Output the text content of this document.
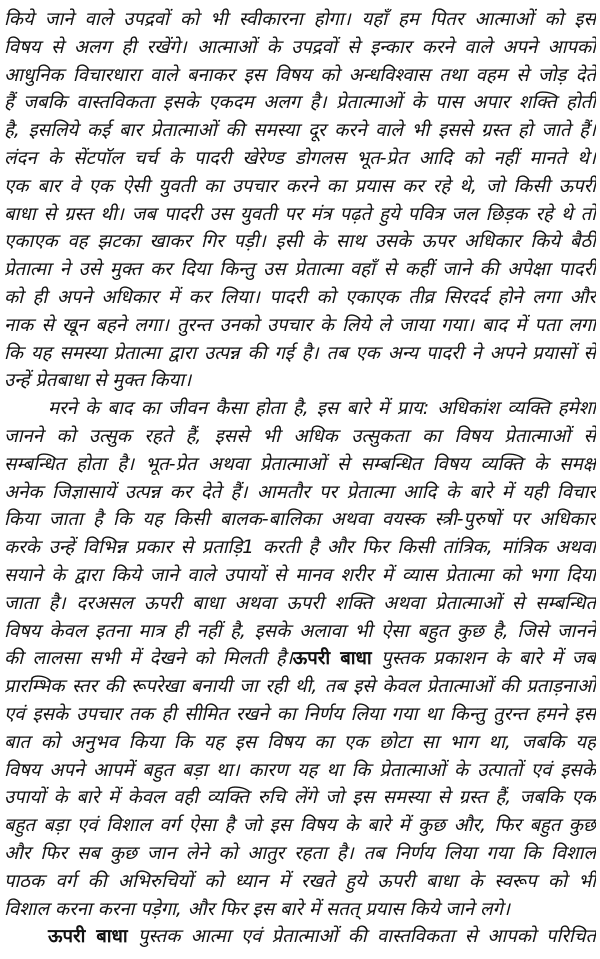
किये जाने वाले उपद्रवों को भी स्वीकारना होगा। यहाँ हम पितर आत्माओं को इस
विषय से अलग ही रखेंगे। आत्माओं के उपद्रवों से इन्कार करने वाले अपने आपको
आधुनिक विचारधारा वाले बनाकर इस विषय को अन्धविश्वास तथा वहम से जोड़ देते
हैं जबकि वास्तविकता इसके एकदम अलग है। प्रेतात्माओं के पास अपार शक्ति होती
है, इसलिये कई बार प्रेतात्माओं की समस्या दूर करने वाले भी इससे ग्रस्त हो जाते हैं।
लंदन के सेंटपॉल चर्च के पादरी खेरेण्ड डोगलस भूत-प्रेत आदि को नहीं मानते थे।
एक बार वे एक ऐसी युवती का उपचार करने का प्रयास कर रहे थे, जो किसी ऊपरी
बाधा से ग्रस्त थी। जब पादरी उस युवती पर मंत्र पढ़ते हुये पवित्र जल छिड़क रहे थे तो
एकाएक वह झटका खाकर गिर पड़ी। इसी के साथ उसके ऊपर अधिकार किये बैठी
प्रेतात्मा ने उसे मुक्त कर दिया किन्तु उस प्रेतात्मा वहाँ से कहीं जाने की अपेक्षा पादरी
को ही अपने अधिकार में कर लिया। पादरी को एकाएक तीव्र सिरदर्द होने लगा और
नाक से खून बहने लगा। तुरन्त उनको उपचार के लिये ले जाया गया। बाद में पता लगा
कि यह समस्या प्रेतात्मा द्वारा उत्पन्न की गई है। तब एक अन्य पादरी ने अपने प्रयासों से
उन्हें प्रेतबाधा से मुक्त किया।
मरने के बाद का जीवन कैसा होता है, इस बारे में प्राय: अधिकांश व्यक्ति हमेशा
जानने को उत्सुक रहते हैं, इससे भी अधिक उत्सुकता का विषय प्रेतात्माओं से
सम्बन्धित होता है। भूत-प्रेत अथवा प्रेतात्माओं से सम्बन्धित विषय व्यक्ति के समक्ष
अनेक जिज्ञासायें उत्पन्न कर देते हैं। आमतौर पर प्रेतात्मा आदि के बारे में यही विचार
किया जाता है कि यह किसी बालक-बालिका अथवा वयस्क स्त्री-पुरुषों पर अधिकार
करके उन्हें विभिन्न प्रकार से प्रताड़ि1 करती है और फिर किसी तांत्रिक, मांत्रिक अथवा
सयाने के द्वारा किये जाने वाले उपायों से मानव शरीर में व्यास प्रेतात्मा को भगा दिया
जाता है। दरअसल ऊपरी बाधा अथवा ऊपरी शक्ति अथवा प्रेतात्माओं से सम्बन्धित
विषय केवल इतना मात्र ही नहीं है, इसके अलावा भी ऐसा बहुत कुछ है, जिसे जानने
की लालसा सभी में देखने को मिलती है।ऊपरी बाधा पुस्तक प्रकाशन के बारे में जब
प्रारम्भिक स्तर की रूपरेखा बनायी जा रही थी, तब इसे केवल प्रेतात्माओं की प्रताड़नाओं
एवं इसके उपचार तक ही सीमित रखने का निर्णय लिया गया था किन्तु तुरन्त हमने इस
बात को अनुभव किया कि यह इस विषय का एक छोटा सा भाग था, जबकि यह
विषय अपने आपमें बहुत बड़ा था। कारण यह था कि प्रेतात्माओं के उत्पातों एवं इसके
उपायों के बारे में केवल वही व्यक्ति रुचि लेंगे जो इस समस्या से ग्रस्त हैं, जबकि एक
बहुत बड़ा एवं विशाल वर्ग ऐसा है जो इस विषय के बारे में कुछ और, फिर बहुत कुछ
और फिर सब कुछ जान लेने को आतुर रहता है। तब निर्णय लिया गया कि विशाल
पाठक वर्ग की अभिरुचियों को ध्यान में रखते हुये ऊपरी बाधा के स्वरूप को भी
विशाल करना करना पड़ेगा, और फिर इस बारे में सतत् प्रयास किये जाने लगे।
ऊपरी बाधा पुस्तक आत्मा एवं प्रेतात्माओं की वास्तविकता से आपको परिचित
